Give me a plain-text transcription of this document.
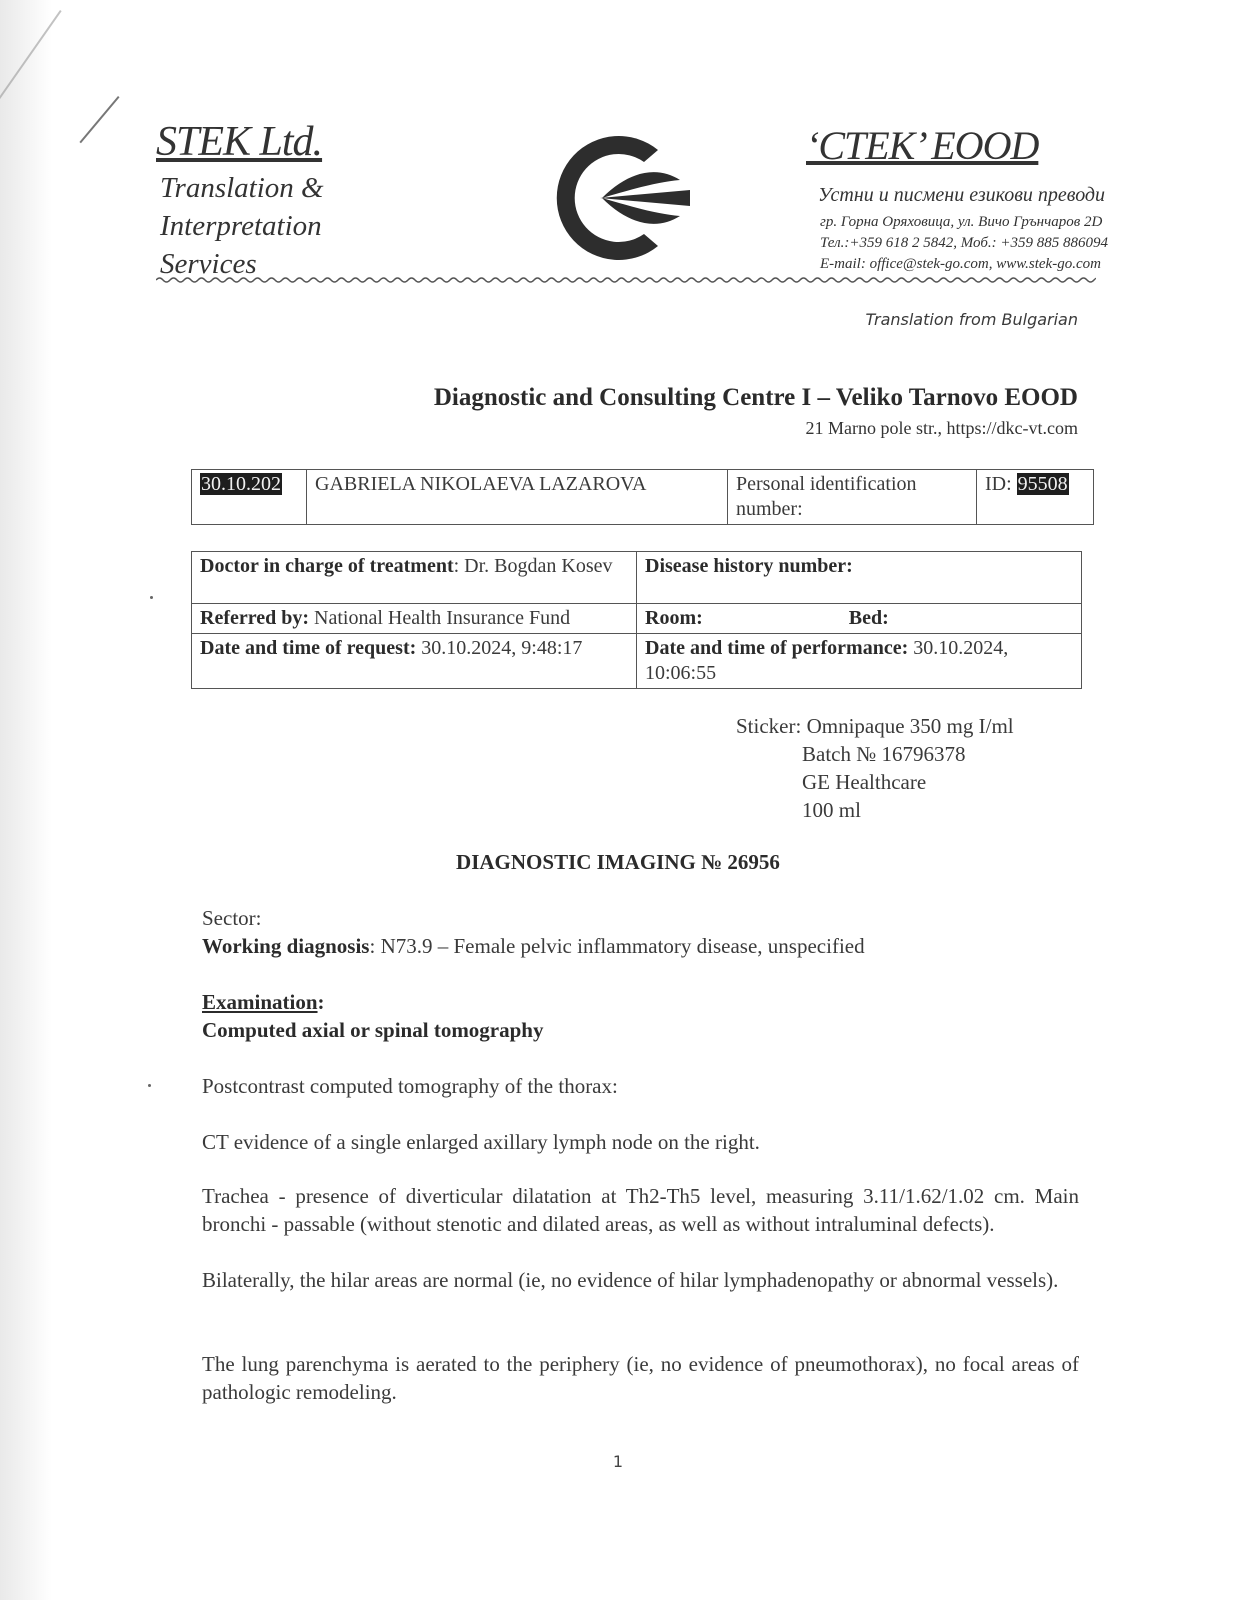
STEK Ltd.
Translation &
Interpretation
Services
‘CTEK’ EOOD
Устни и писмени езикови преводи
гр. Горна Оряховица, ул. Вичо Грънчаров 2D
Тел.:+359 618 2 5842, Моб.: +359 885 886094
E-mail: office@stek-go.com, www.stek-go.com
Translation from Bulgarian
Diagnostic and Consulting Centre I – Veliko Tarnovo EOOD
21 Marno pole str., https://dkc-vt.com
30.10.202	GABRIELA NIKOLAEVA LAZAROVA	Personal identification number:	ID: 95508
Doctor in charge of treatment: Dr. Bogdan Kosev	Disease history number:
Referred by: National Health Insurance Fund	Room: Bed:
Date and time of request: 30.10.2024, 9:48:17	Date and time of performance: 30.10.2024, 10:06:55
Sticker: Omnipaque 350 mg I/ml
Batch № 16796378
GE Healthcare
100 ml
DIAGNOSTIC IMAGING № 26956
Sector:
Working diagnosis: N73.9 – Female pelvic inflammatory disease, unspecified
Examination:
Computed axial or spinal tomography
Postcontrast computed tomography of the thorax:
CT evidence of a single enlarged axillary lymph node on the right.
Trachea - presence of diverticular dilatation at Th2-Th5 level, measuring 3.11/1.62/1.02 cm. Main bronchi - passable (without stenotic and dilated areas, as well as without intraluminal defects).
Bilaterally, the hilar areas are normal (ie, no evidence of hilar lymphadenopathy or abnormal vessels).
The lung parenchyma is aerated to the periphery (ie, no evidence of pneumothorax), no focal areas of pathologic remodeling.
1
